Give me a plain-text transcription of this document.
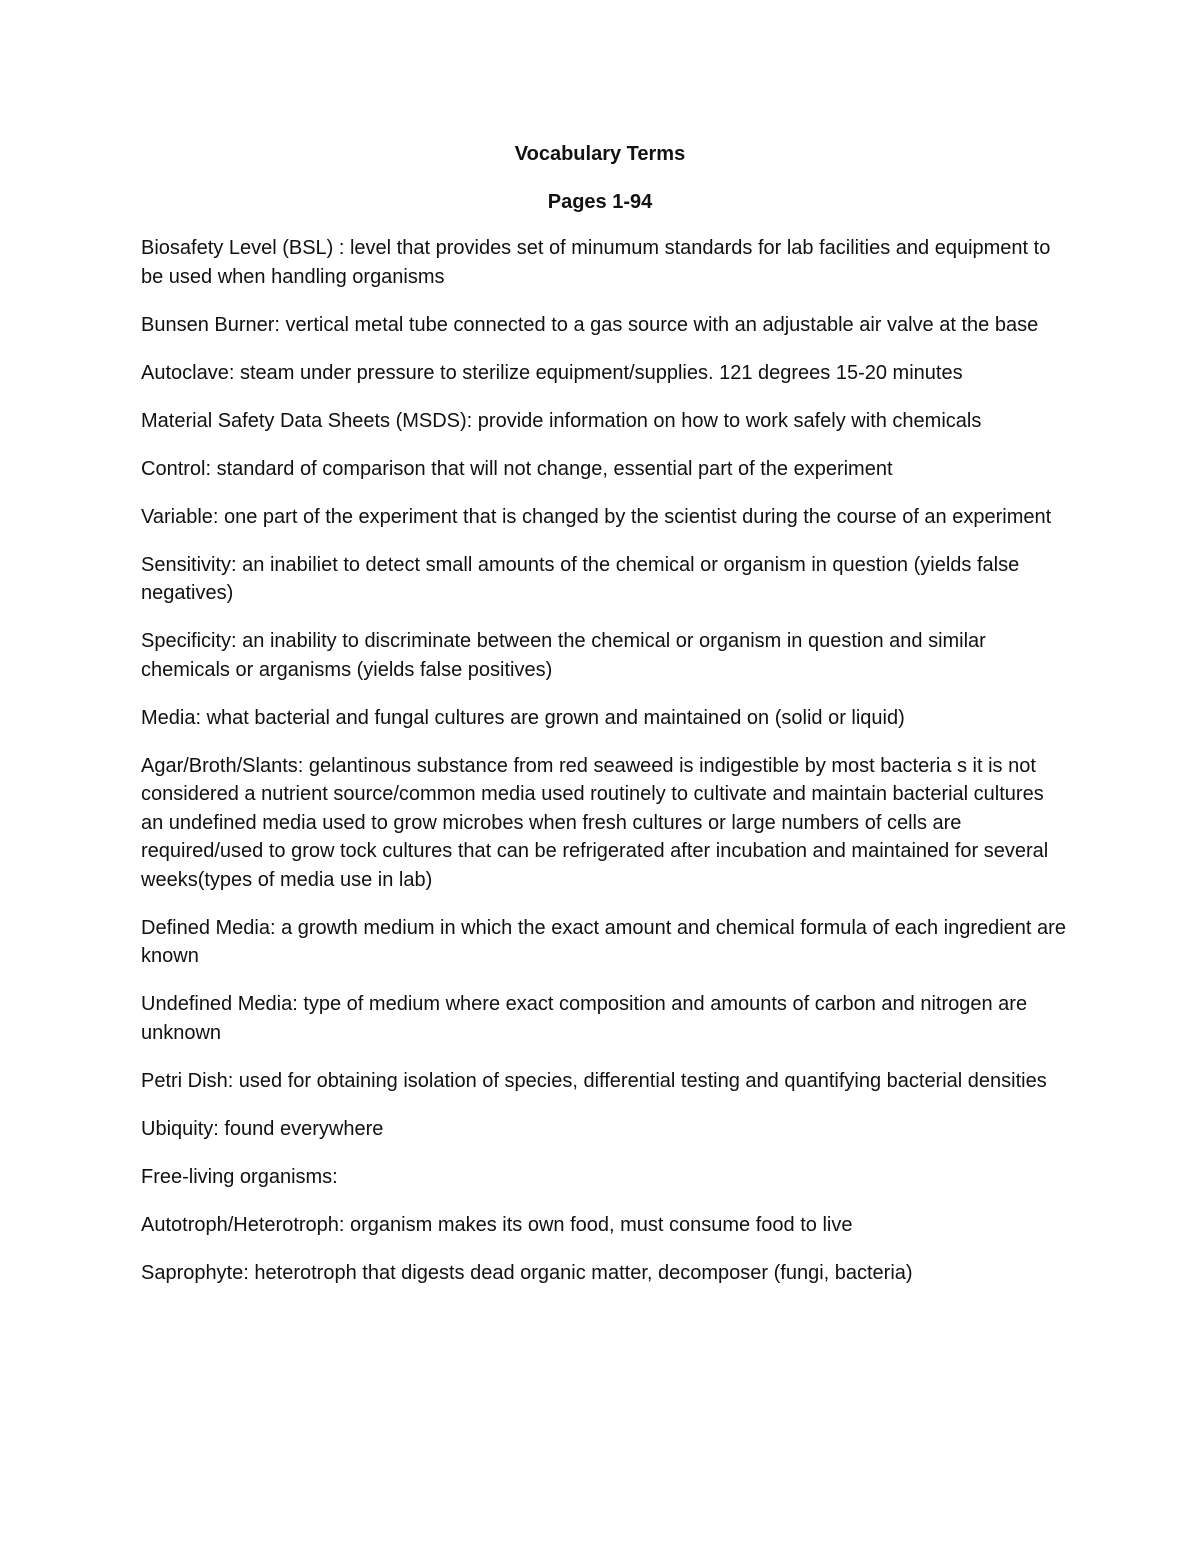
Vocabulary Terms
Pages 1-94
Biosafety Level (BSL) : level that provides set of minumum standards for lab facilities and equipment to be used when handling organisms
Bunsen Burner: vertical metal tube connected to a gas source with an adjustable air valve at the base
Autoclave: steam under pressure to sterilize equipment/supplies. 121 degrees 15-20 minutes
Material Safety Data Sheets (MSDS): provide information on how to work safely with chemicals
Control: standard of comparison that will not change, essential part of the experiment
Variable: one part of the experiment that is changed by the scientist during the course of an experiment
Sensitivity: an inabiliet to detect small amounts of the chemical or organism in question (yields false negatives)
Specificity: an inability to discriminate between the chemical or organism in question and similar chemicals or arganisms (yields false positives)
Media: what bacterial and fungal cultures are grown and maintained on (solid or liquid)
Agar/Broth/Slants: gelantinous substance from red seaweed is indigestible by most bacteria s it is not considered a nutrient source/common media used routinely to cultivate and maintain bacterial cultures an undefined media used to grow microbes when fresh cultures or large numbers of cells are required/used to grow tock cultures that can be refrigerated after incubation and maintained for several weeks(types of media use in lab)
Defined Media: a growth medium in which the exact amount and chemical formula of each ingredient are known
Undefined Media: type of medium where exact composition and amounts of carbon and nitrogen are unknown
Petri Dish: used for obtaining isolation of species, differential testing and quantifying bacterial densities
Ubiquity: found everywhere
Free-living organisms:
Autotroph/Heterotroph: organism makes its own food, must consume food to live
Saprophyte: heterotroph that digests dead organic matter, decomposer (fungi, bacteria)
